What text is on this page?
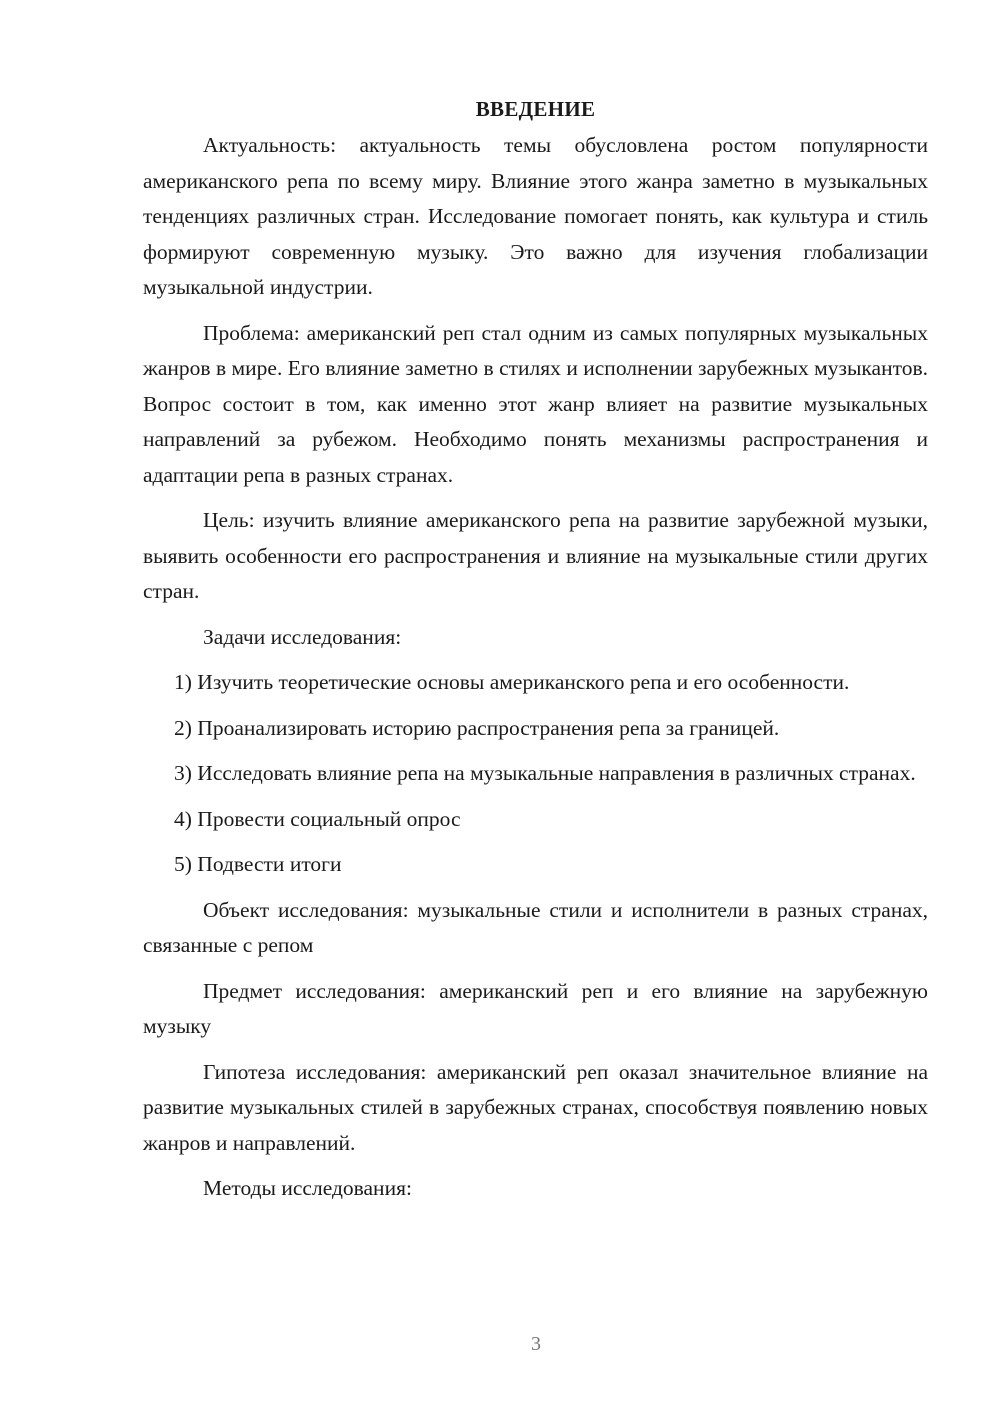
ВВЕДЕНИЕ

Актуальность: актуальность темы обусловлена ростом популярности американского репа по всему миру. Влияние этого жанра заметно в музыкальных тенденциях различных стран. Исследование помогает понять, как культура и стиль формируют современную музыку. Это важно для изучения глобализации музыкальной индустрии.

Проблема: американский реп стал одним из самых популярных музыкальных жанров в мире. Его влияние заметно в стилях и исполнении зарубежных музыкантов. Вопрос состоит в том, как именно этот жанр влияет на развитие музыкальных направлений за рубежом. Необходимо понять механизмы распространения и адаптации репа в разных странах.

Цель: изучить влияние американского репа на развитие зарубежной музыки, выявить особенности его распространения и влияние на музыкальные стили других стран.

Задачи исследования:

1) Изучить теоретические основы американского репа и его особенности.

2) Проанализировать историю распространения репа за границей.

3) Исследовать влияние репа на музыкальные направления в различных странах.

4) Провести социальный опрос

5) Подвести итоги

Объект исследования: музыкальные стили и исполнители в разных странах, связанные с репом

Предмет исследования: американский реп и его влияние на зарубежную музыку

Гипотеза исследования: американский реп оказал значительное влияние на развитие музыкальных стилей в зарубежных странах, способствуя появлению новых жанров и направлений.

Методы исследования:

3
